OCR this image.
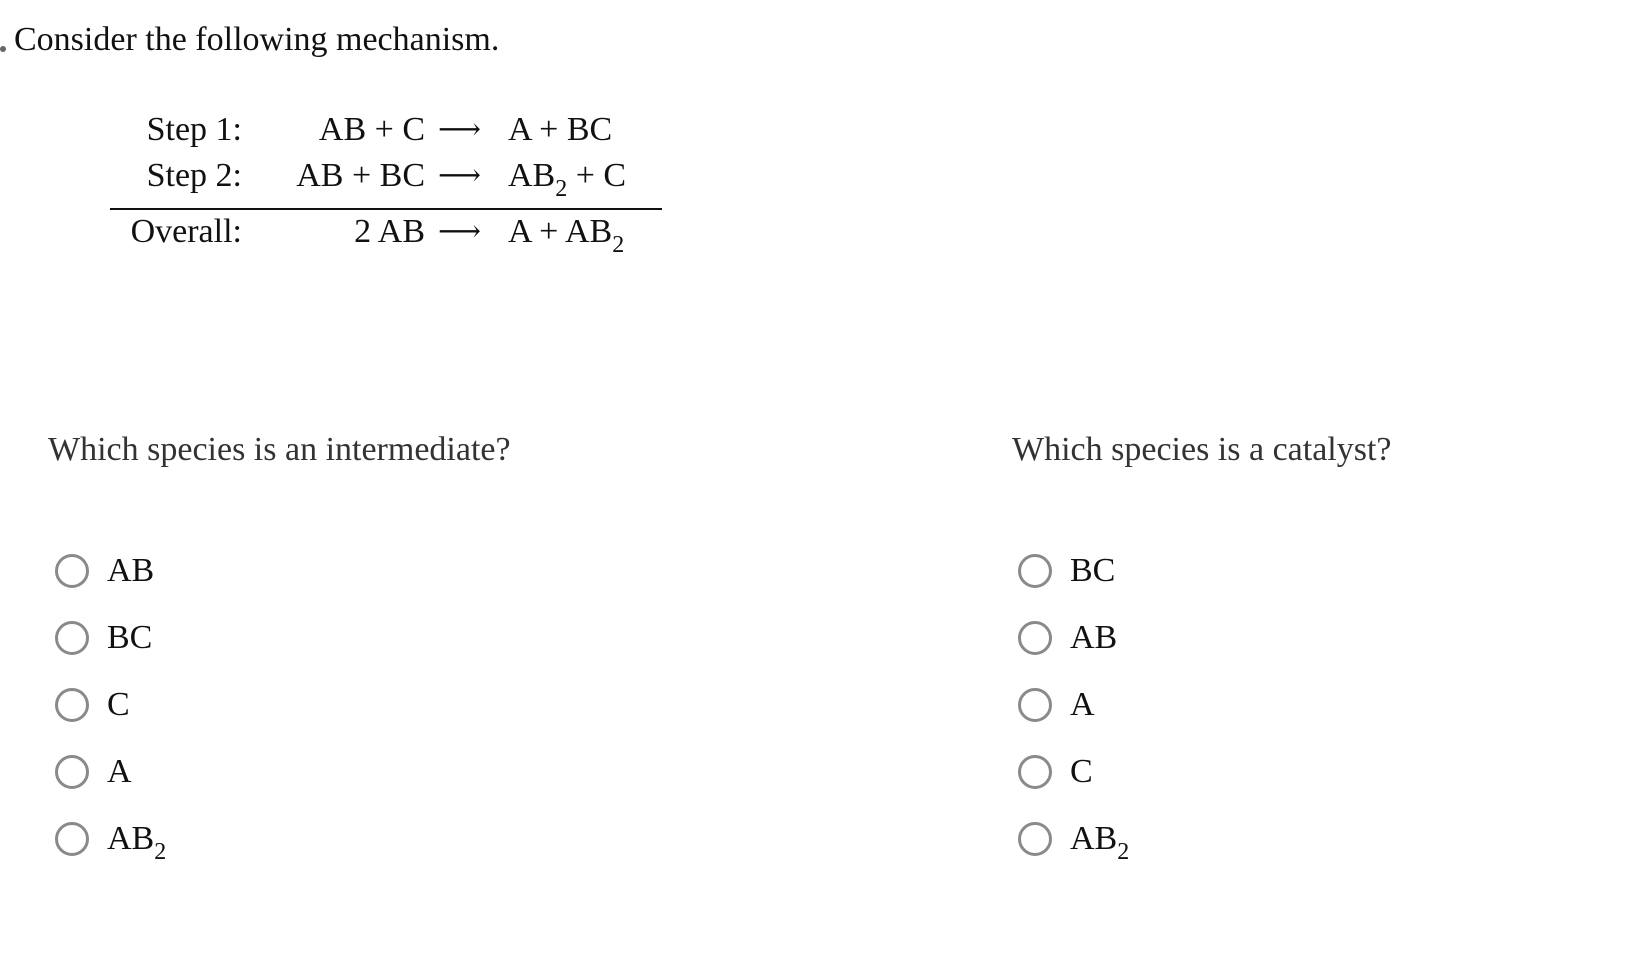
Consider the following mechanism.
Step 1:	AB + C ⟶ A + BC
Step 2:	AB + BC ⟶ $AB_2 + C$
Overall:	2 AB ⟶ $A + AB_2$
Which species is an intermediate?
AB
BC
C
A
$AB_2$
Which species is a catalyst?
BC
AB
A
C
$AB_2$
